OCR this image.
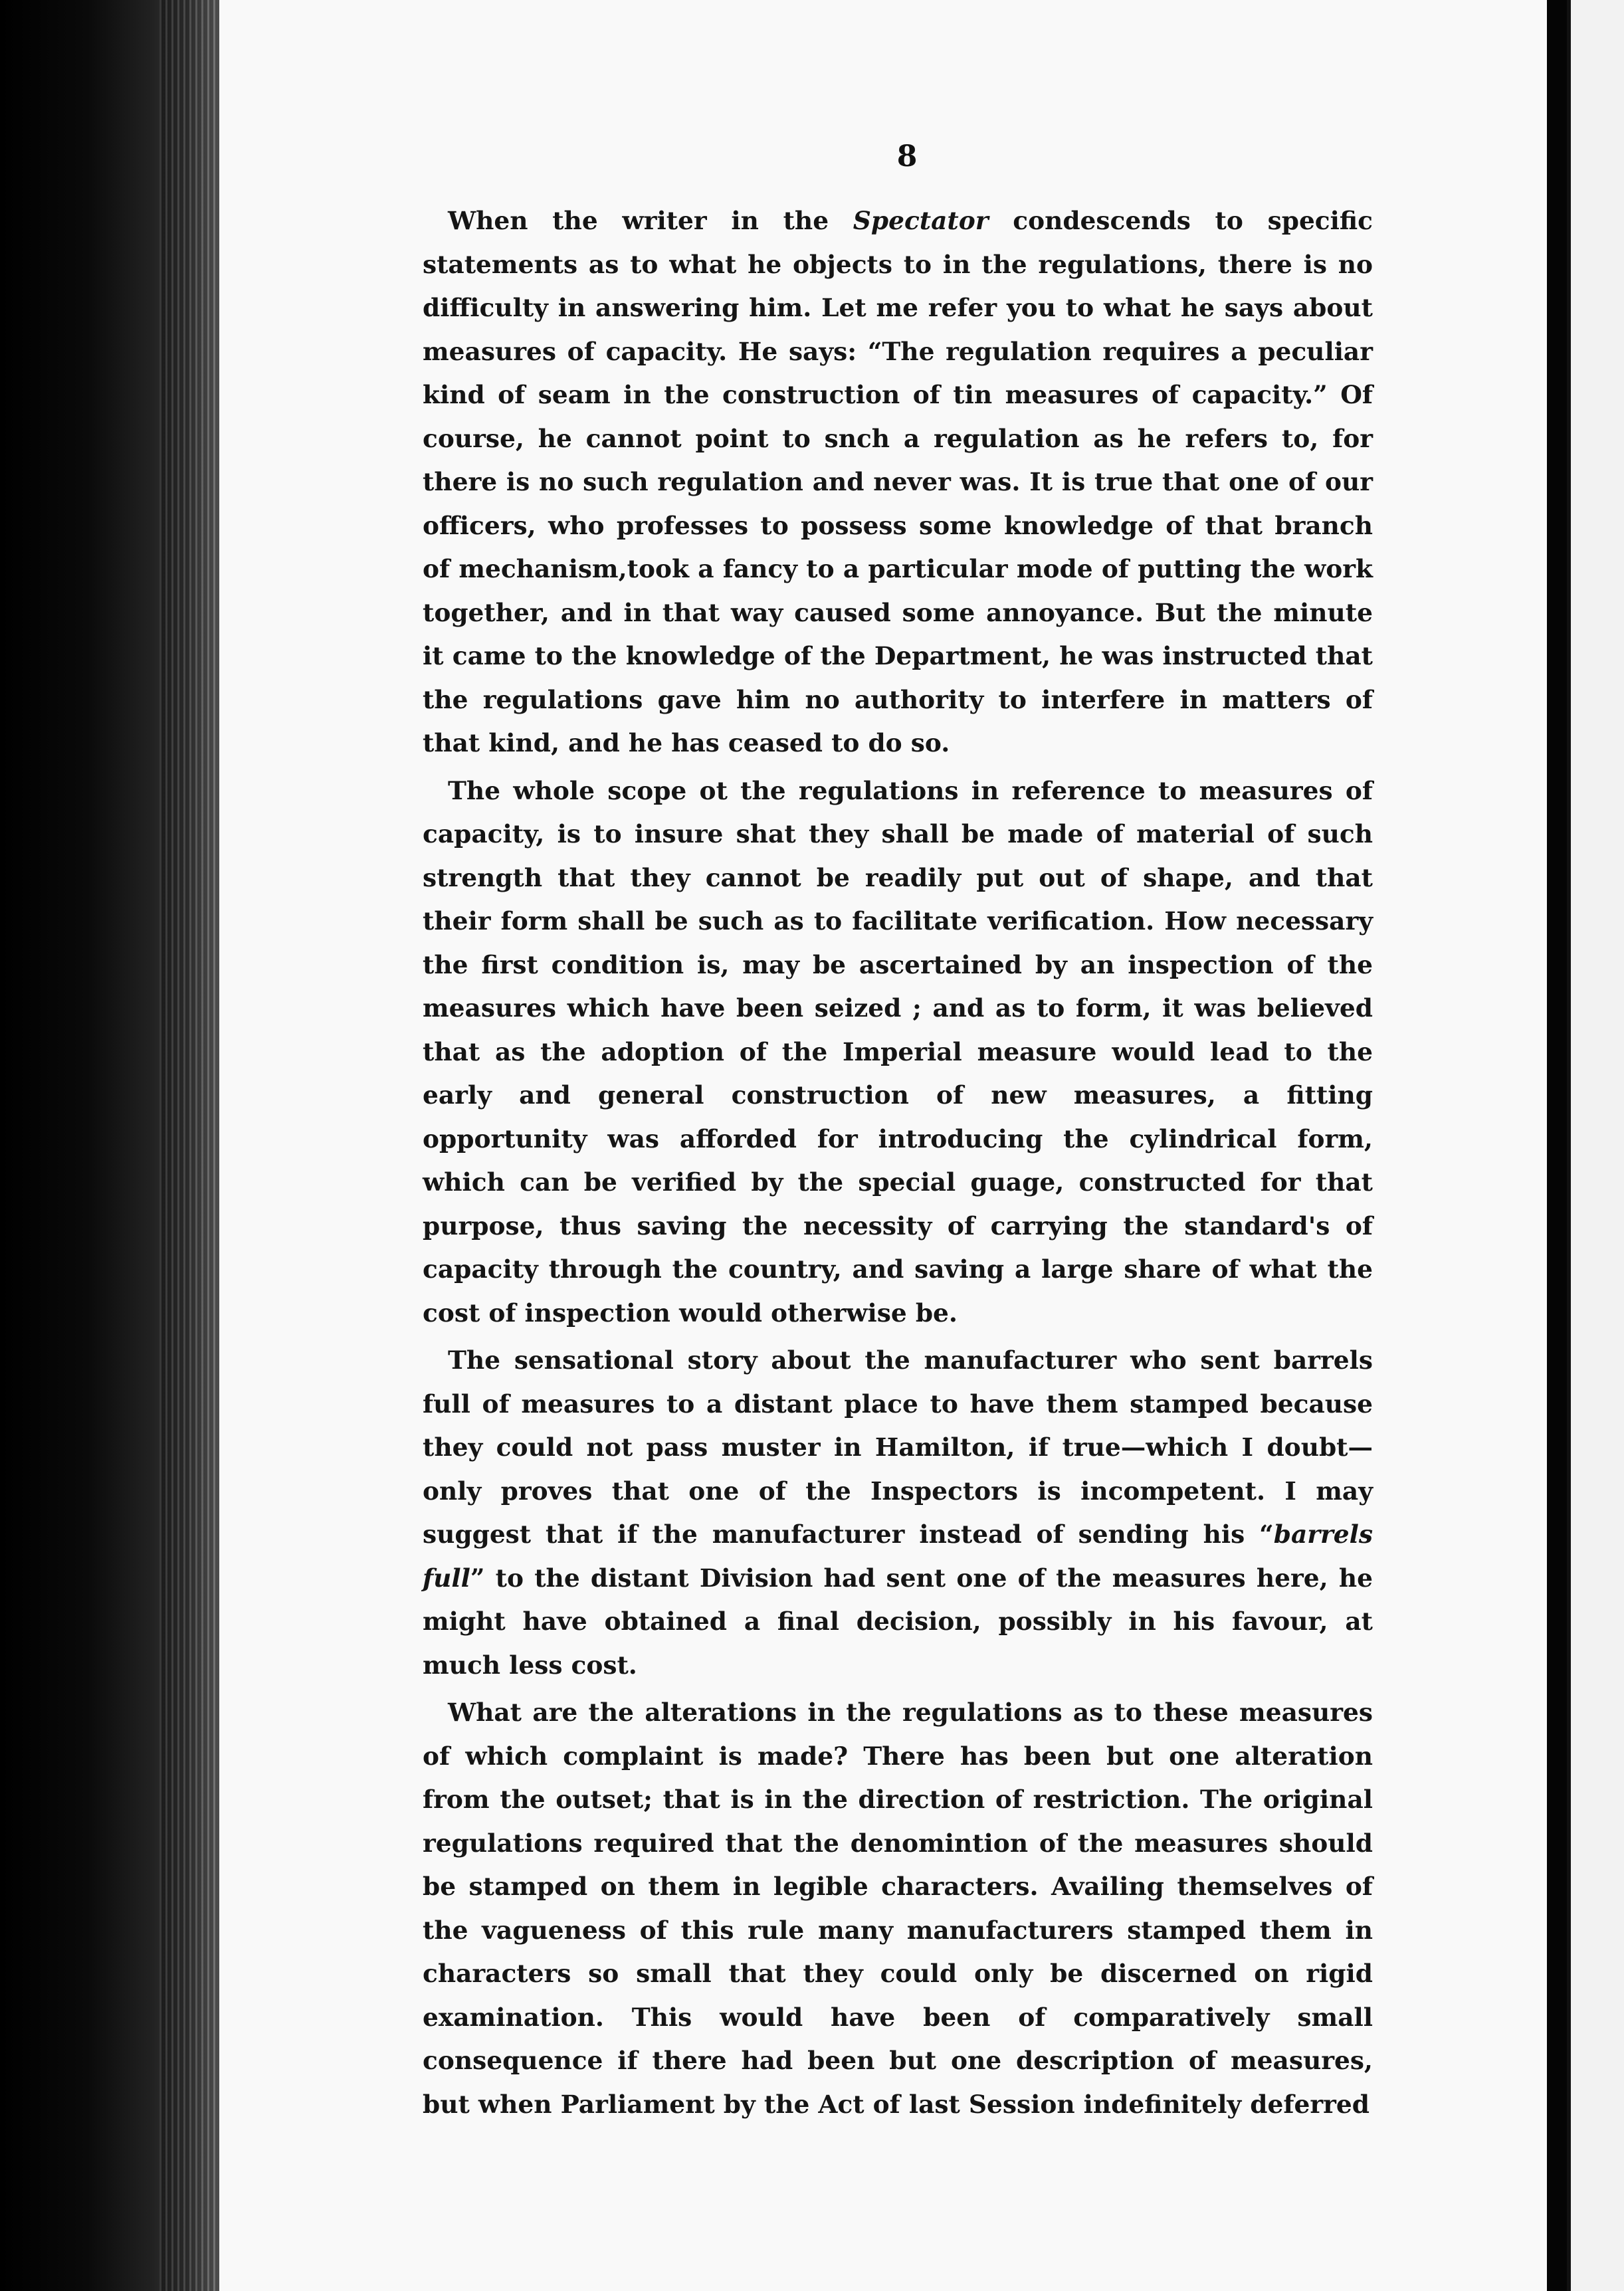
8

When the writer in the Spectator condescends to specific statements as to what he objects to in the regulations, there is no difficulty in answering him. Let me refer you to what he says about measures of capacity. He says: “The regulation requires a peculiar kind of seam in the construction of tin measures of capacity.” Of course, he cannot point to snch a regulation as he refers to, for there is no such regulation and never was. It is true that one of our officers, who professes to possess some knowledge of that branch of mechanism,took a fancy to a particular mode of putting the work together, and in that way caused some annoyance. But the minute it came to the knowledge of the Department, he was instructed that the regulations gave him no authority to interfere in matters of that kind, and he has ceased to do so.

The whole scope ot the regulations in reference to measures of capacity, is to insure shat they shall be made of material of such strength that they cannot be readily put out of shape, and that their form shall be such as to facilitate verification. How necessary the first condition is, may be ascertained by an inspection of the measures which have been seized ; and as to form, it was believed that as the adoption of the Imperial measure would lead to the early and general construction of new measures, a fitting opportunity was afforded for introducing the cylindrical form, which can be verified by the special guage, constructed for that purpose, thus saving the necessity of carrying the standard's of capacity through the country, and saving a large share of what the cost of inspection would otherwise be.

The sensational story about the manufacturer who sent barrels full of measures to a distant place to have them stamped because they could not pass muster in Hamilton, if true—which I doubt—only proves that one of the Inspectors is incompetent. I may suggest that if the manufacturer instead of sending his “barrels full” to the distant Division had sent one of the measures here, he might have obtained a final decision, possibly in his favour, at much less cost.

What are the alterations in the regulations as to these measures of which complaint is made? There has been but one alteration from the outset; that is in the direction of restriction. The original regulations required that the denomintion of the measures should be stamped on them in legible characters. Availing themselves of the vagueness of this rule many manufacturers stamped them in characters so small that they could only be discerned on rigid examination. This would have been of comparatively small consequence if there had been but one description of measures, but when Parliament by the Act of last Session indefinitely deferred
